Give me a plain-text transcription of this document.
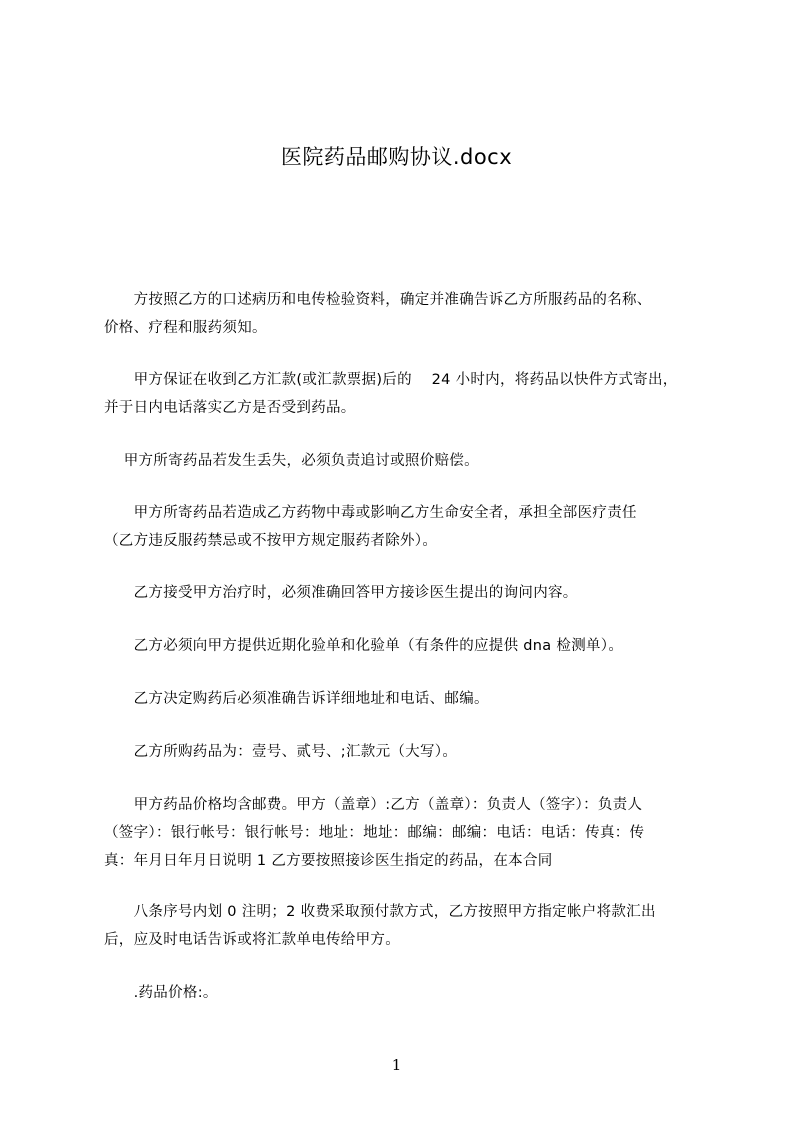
医院药品邮购协议.docx
　　方按照乙方的口述病历和电传检验资料，确定并准确告诉乙方所服药品的名称、
价格、疗程和服药须知。
　　甲方保证在收到乙方汇款(或汇款票据)后的　 24 小时内，将药品以快件方式寄出，
并于日内电话落实乙方是否受到药品。
　 甲方所寄药品若发生丢失，必须负责追讨或照价赔偿。
　　甲方所寄药品若造成乙方药物中毒或影响乙方生命安全者，承担全部医疗责任
（乙方违反服药禁忌或不按甲方规定服药者除外）。
　　乙方接受甲方治疗时，必须准确回答甲方接诊医生提出的询问内容。
　　乙方必须向甲方提供近期化验单和化验单（有条件的应提供 dna 检测单）。
　　乙方决定购药后必须准确告诉详细地址和电话、邮编。
　　乙方所购药品为：壹号、贰号、;汇款元（大写）。
　　甲方药品价格均含邮费。甲方（盖章）:乙方（盖章）：负责人（签字）：负责人
（签字）：银行帐号：银行帐号：地址：地址：邮编：邮编：电话：电话：传真：传
真：年月日年月日说明 1 乙方要按照接诊医生指定的药品，在本合同
　　八条序号内划 0 注明；2 收费采取预付款方式，乙方按照甲方指定帐户将款汇出
后，应及时电话告诉或将汇款单电传给甲方。
　　.药品价格:。
1
